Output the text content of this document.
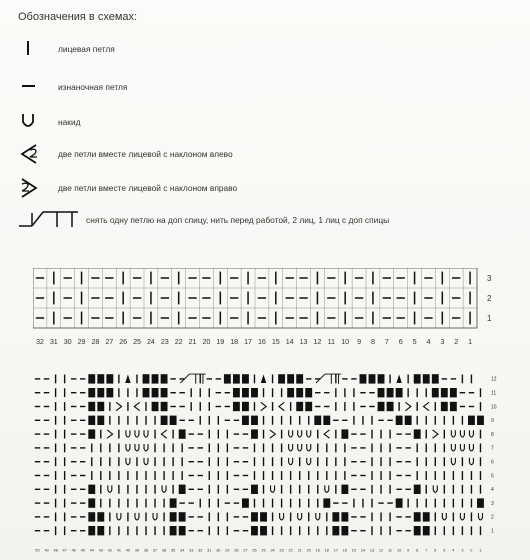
Обозначения в схемах:
лицевая петля
изнаночная петля
накид
две петли вместе лицевой с наклоном влево
две петли вместе лицевой с наклоном вправо
снять одну петлю на доп спицу, нить перед работой, 2 лиц, 1 лиц с доп спицы
3
2
1
32 31 30 29 28 27 26 25 24 23 22 21 20 19 18 17 16 15 14 13 12 11 10 9 8 7 6 5 4 3 2 1
12
11
10
9
8
7
6
5
4
3
2
1
50 49 48 47 46 45 44 43 42 41 40 39 38 37 36 35 34 33 32 31 30 29 28 27 26 25 24 23 22 21 20 19 18 17 16 15 14 13 12 11 10 9 8 7 6 5 4 3 2 1
